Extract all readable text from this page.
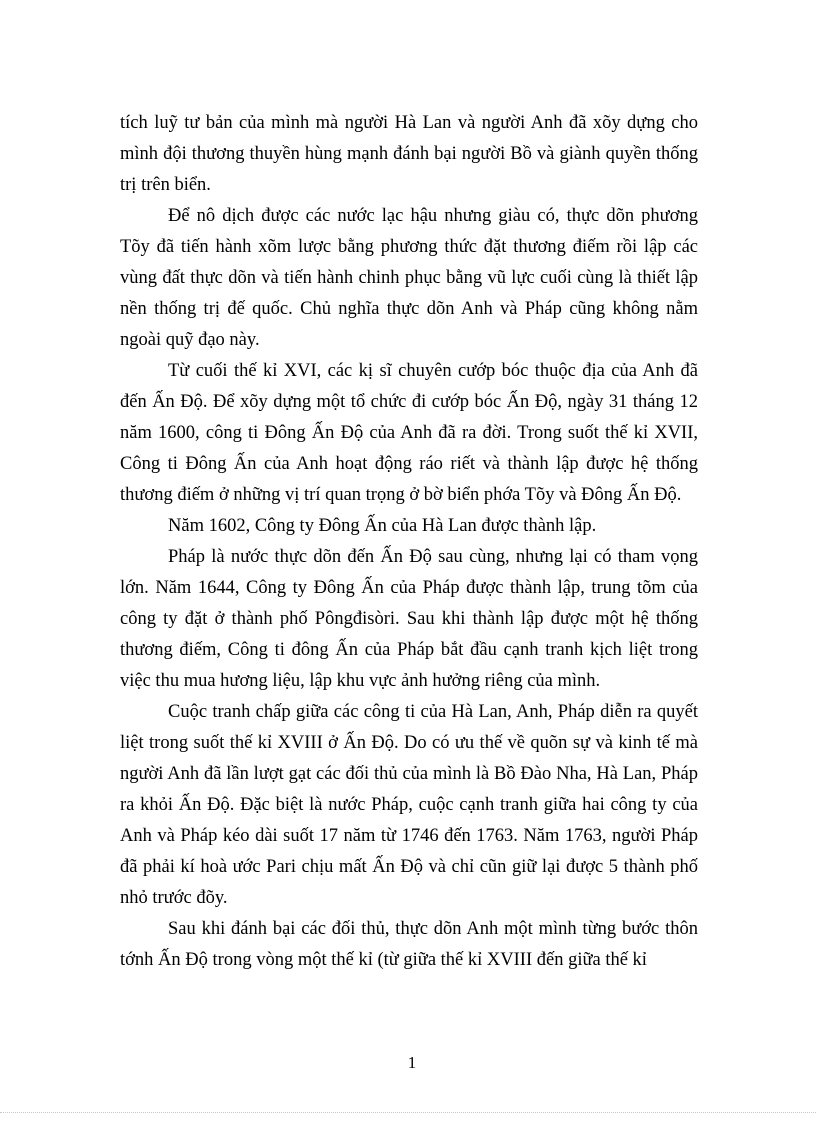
tích luỹ tư bản của mình mà người Hà Lan và người Anh đã xõy dựng cho mình đội thương thuyền hùng mạnh đánh bại người Bồ và giành quyền thống trị trên biển.

Để nô dịch được các nước lạc hậu nhưng giàu có, thực dõn phương Tõy đã tiến hành xõm lược bằng phương thức đặt thương điếm rồi lập các vùng đất thực dõn và tiến hành chinh phục bằng vũ lực cuối cùng là thiết lập nền thống trị đế quốc. Chủ nghĩa thực dõn Anh và Pháp cũng không nằm ngoài quỹ đạo này.

Từ cuối thế kỉ XVI, các kị sĩ chuyên cướp bóc thuộc địa của Anh đã đến Ấn Độ. Để xõy dựng một tổ chức đi cướp bóc Ấn Độ, ngày 31 tháng 12 năm 1600, công ti Đông Ấn Độ của Anh đã ra đời. Trong suốt thế kỉ XVII, Công ti Đông Ấn của Anh hoạt động ráo riết và thành lập được hệ thống thương điếm ở những vị trí quan trọng ở bờ biển phớa Tõy và Đông Ấn Độ.

Năm 1602, Công ty Đông Ấn của Hà Lan được thành lập.

Pháp là nước thực dõn đến Ấn Độ sau cùng, nhưng lại có tham vọng lớn. Năm 1644, Công ty Đông Ấn của Pháp được thành lập, trung tõm của công ty đặt ở thành phố Pôngđisòri. Sau khi thành lập được một hệ thống thương điếm, Công ti đông Ấn của Pháp bắt đầu cạnh tranh kịch liệt trong việc thu mua hương liệu, lập khu vực ảnh hưởng riêng của mình.

Cuộc tranh chấp giữa các công ti của Hà Lan, Anh, Pháp diễn ra quyết liệt trong suốt thế kỉ XVIII ở Ấn Độ. Do có ưu thế về quõn sự và kinh tế mà người Anh đã lần lượt gạt các đối thủ của mình là Bồ Đào Nha, Hà Lan, Pháp ra khỏi Ấn Độ. Đặc biệt là nước Pháp, cuộc cạnh tranh giữa hai công ty của Anh và Pháp kéo dài suốt 17 năm từ 1746 đến 1763. Năm 1763, người Pháp đã phải kí hoà ước Pari chịu mất Ấn Độ và chỉ cũn giữ lại được 5 thành phố nhỏ trước đõy.

Sau khi đánh bại các đối thủ, thực dõn Anh một mình từng bước thôn tớnh Ấn Độ trong vòng một thế kỉ (từ giữa thế kỉ XVIII đến giữa thế kỉ

1
